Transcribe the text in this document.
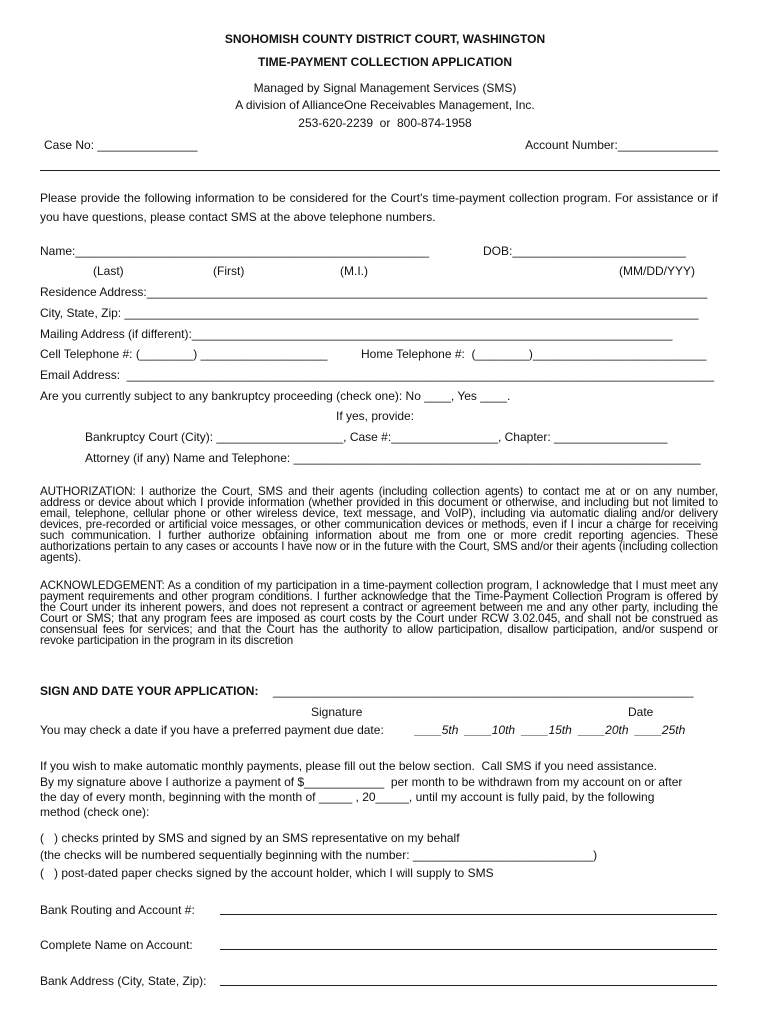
SNOHOMISH COUNTY DISTRICT COURT, WASHINGTON
TIME-PAYMENT COLLECTION APPLICATION
Managed by Signal Management Services (SMS)
A division of AllianceOne Receivables Management, Inc.
253-620-2239  or  800-874-1958
Case No: _______________	Account Number:_______________
Please provide the following information to be considered for the Court's time-payment collection program. For assistance or if you have questions, please contact SMS at the above telephone numbers.
Name:_____________________________________________________	DOB:__________________________
(Last)	(First)	(M.I.)	(MM/DD/YYY)
Residence Address:____________________________________________________________________________________
City, State, Zip: ______________________________________________________________________________________
Mailing Address (if different):________________________________________________________________________
Cell Telephone #: (________) ___________________	Home Telephone #:  (________)__________________________
Email Address:  ________________________________________________________________________________________
Are you currently subject to any bankruptcy proceeding (check one): No ____, Yes ____.
If yes, provide:
Bankruptcy Court (City): ___________________, Case #:________________, Chapter: _________________
Attorney (if any) Name and Telephone: _____________________________________________________________
AUTHORIZATION: I authorize the Court, SMS and their agents (including collection agents) to contact me at or on any number, address or device about which I provide information (whether provided in this document or otherwise, and including but not limited to email, telephone, cellular phone or other wireless device, text message, and VoIP), including via automatic dialing and/or delivery devices, pre-recorded or artificial voice messages, or other communication devices or methods, even if I incur a charge for receiving such communication. I further authorize obtaining information about me from one or more credit reporting agencies. These authorizations pertain to any cases or accounts I have now or in the future with the Court, SMS and/or their agents (including collection agents).
ACKNOWLEDGEMENT: As a condition of my participation in a time-payment collection program, I acknowledge that I must meet any payment requirements and other program conditions. I further acknowledge that the Time-Payment Collection Program is offered by the Court under its inherent powers, and does not represent a contract or agreement between me and any other party, including the Court or SMS; that any program fees are imposed as court costs by the Court under RCW 3.02.045, and shall not be construed as consensual fees for services; and that the Court has the authority to allow participation, disallow participation, and/or suspend or revoke participation in the program in its discretion
SIGN AND DATE YOUR APPLICATION: _______________________________________________________________
Signature	Date
You may check a date if you have a preferred payment due date:	____5th  ____10th  ____15th  ____20th  ____25th
If you wish to make automatic monthly payments, please fill out the below section.  Call SMS if you need assistance.
By my signature above I authorize a payment of $____________  per month to be withdrawn from my account on or after
the day of every month, beginning with the month of _____ , 20_____, until my account is fully paid, by the following
method (check one):
(   ) checks printed by SMS and signed by an SMS representative on my behalf
(the checks will be numbered sequentially beginning with the number: ___________________________)
(   ) post-dated paper checks signed by the account holder, which I will supply to SMS
Bank Routing and Account #:
Complete Name on Account:
Bank Address (City, State, Zip):
